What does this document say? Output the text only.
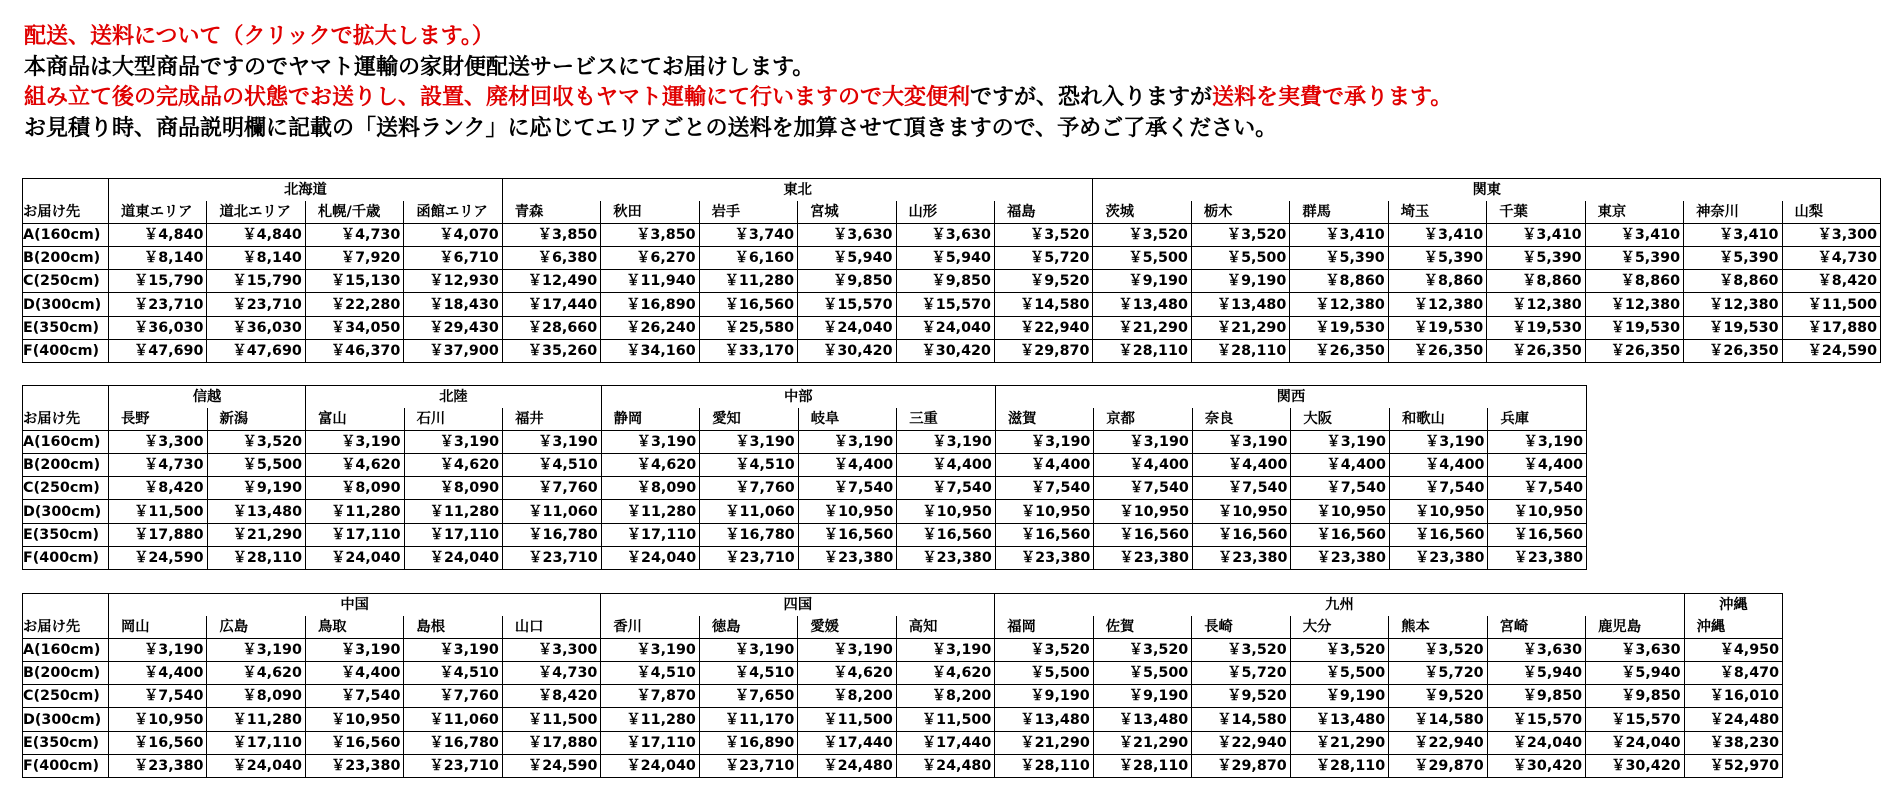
配送、送料について（クリックで拡大します。）
本商品は大型商品ですのでヤマト運輸の家財便配送サービスにてお届けします。
組み立て後の完成品の状態でお送りし、設置、廃材回収もヤマト運輸にて行いますので大変便利ですが、恐れ入りますが送料を実費で承ります。
お見積り時、商品説明欄に記載の「送料ランク」に応じてエリアごとの送料を加算させて頂きますので、予めご了承ください。
	北海道				東北						関東							
お届け先	道東エリア	道北エリア	札幌/千歳	函館エリア	青森	秋田	岩手	宮城	山形	福島	茨城	栃木	群馬	埼玉	千葉	東京	神奈川	山梨
A(160cm)	￥4,840	￥4,840	￥4,730	￥4,070	￥3,850	￥3,850	￥3,740	￥3,630	￥3,630	￥3,520	￥3,520	￥3,520	￥3,410	￥3,410	￥3,410	￥3,410	￥3,410	￥3,300
B(200cm)	￥8,140	￥8,140	￥7,920	￥6,710	￥6,380	￥6,270	￥6,160	￥5,940	￥5,940	￥5,720	￥5,500	￥5,500	￥5,390	￥5,390	￥5,390	￥5,390	￥5,390	￥4,730
C(250cm)	￥15,790	￥15,790	￥15,130	￥12,930	￥12,490	￥11,940	￥11,280	￥9,850	￥9,850	￥9,520	￥9,190	￥9,190	￥8,860	￥8,860	￥8,860	￥8,860	￥8,860	￥8,420
D(300cm)	￥23,710	￥23,710	￥22,280	￥18,430	￥17,440	￥16,890	￥16,560	￥15,570	￥15,570	￥14,580	￥13,480	￥13,480	￥12,380	￥12,380	￥12,380	￥12,380	￥12,380	￥11,500
E(350cm)	￥36,030	￥36,030	￥34,050	￥29,430	￥28,660	￥26,240	￥25,580	￥24,040	￥24,040	￥22,940	￥21,290	￥21,290	￥19,530	￥19,530	￥19,530	￥19,530	￥19,530	￥17,880
F(400cm)	￥47,690	￥47,690	￥46,370	￥37,900	￥35,260	￥34,160	￥33,170	￥30,420	￥30,420	￥29,870	￥28,110	￥28,110	￥26,350	￥26,350	￥26,350	￥26,350	￥26,350	￥24,590
	信越		北陸			中部				関西					
お届け先	長野	新潟	富山	石川	福井	静岡	愛知	岐阜	三重	滋賀	京都	奈良	大阪	和歌山	兵庫
A(160cm)	￥3,300	￥3,520	￥3,190	￥3,190	￥3,190	￥3,190	￥3,190	￥3,190	￥3,190	￥3,190	￥3,190	￥3,190	￥3,190	￥3,190	￥3,190
B(200cm)	￥4,730	￥5,500	￥4,620	￥4,620	￥4,510	￥4,620	￥4,510	￥4,400	￥4,400	￥4,400	￥4,400	￥4,400	￥4,400	￥4,400	￥4,400
C(250cm)	￥8,420	￥9,190	￥8,090	￥8,090	￥7,760	￥8,090	￥7,760	￥7,540	￥7,540	￥7,540	￥7,540	￥7,540	￥7,540	￥7,540	￥7,540
D(300cm)	￥11,500	￥13,480	￥11,280	￥11,280	￥11,060	￥11,280	￥11,060	￥10,950	￥10,950	￥10,950	￥10,950	￥10,950	￥10,950	￥10,950	￥10,950
E(350cm)	￥17,880	￥21,290	￥17,110	￥17,110	￥16,780	￥17,110	￥16,780	￥16,560	￥16,560	￥16,560	￥16,560	￥16,560	￥16,560	￥16,560	￥16,560
F(400cm)	￥24,590	￥28,110	￥24,040	￥24,040	￥23,710	￥24,040	￥23,710	￥23,380	￥23,380	￥23,380	￥23,380	￥23,380	￥23,380	￥23,380	￥23,380
	中国					四国				九州							沖縄
お届け先	岡山	広島	鳥取	島根	山口	香川	徳島	愛媛	高知	福岡	佐賀	長崎	大分	熊本	宮崎	鹿児島	沖縄
A(160cm)	￥3,190	￥3,190	￥3,190	￥3,190	￥3,300	￥3,190	￥3,190	￥3,190	￥3,190	￥3,520	￥3,520	￥3,520	￥3,520	￥3,520	￥3,630	￥3,630	￥4,950
B(200cm)	￥4,400	￥4,620	￥4,400	￥4,510	￥4,730	￥4,510	￥4,510	￥4,620	￥4,620	￥5,500	￥5,500	￥5,720	￥5,500	￥5,720	￥5,940	￥5,940	￥8,470
C(250cm)	￥7,540	￥8,090	￥7,540	￥7,760	￥8,420	￥7,870	￥7,650	￥8,200	￥8,200	￥9,190	￥9,190	￥9,520	￥9,190	￥9,520	￥9,850	￥9,850	￥16,010
D(300cm)	￥10,950	￥11,280	￥10,950	￥11,060	￥11,500	￥11,280	￥11,170	￥11,500	￥11,500	￥13,480	￥13,480	￥14,580	￥13,480	￥14,580	￥15,570	￥15,570	￥24,480
E(350cm)	￥16,560	￥17,110	￥16,560	￥16,780	￥17,880	￥17,110	￥16,890	￥17,440	￥17,440	￥21,290	￥21,290	￥22,940	￥21,290	￥22,940	￥24,040	￥24,040	￥38,230
F(400cm)	￥23,380	￥24,040	￥23,380	￥23,710	￥24,590	￥24,040	￥23,710	￥24,480	￥24,480	￥28,110	￥28,110	￥29,870	￥28,110	￥29,870	￥30,420	￥30,420	￥52,970
